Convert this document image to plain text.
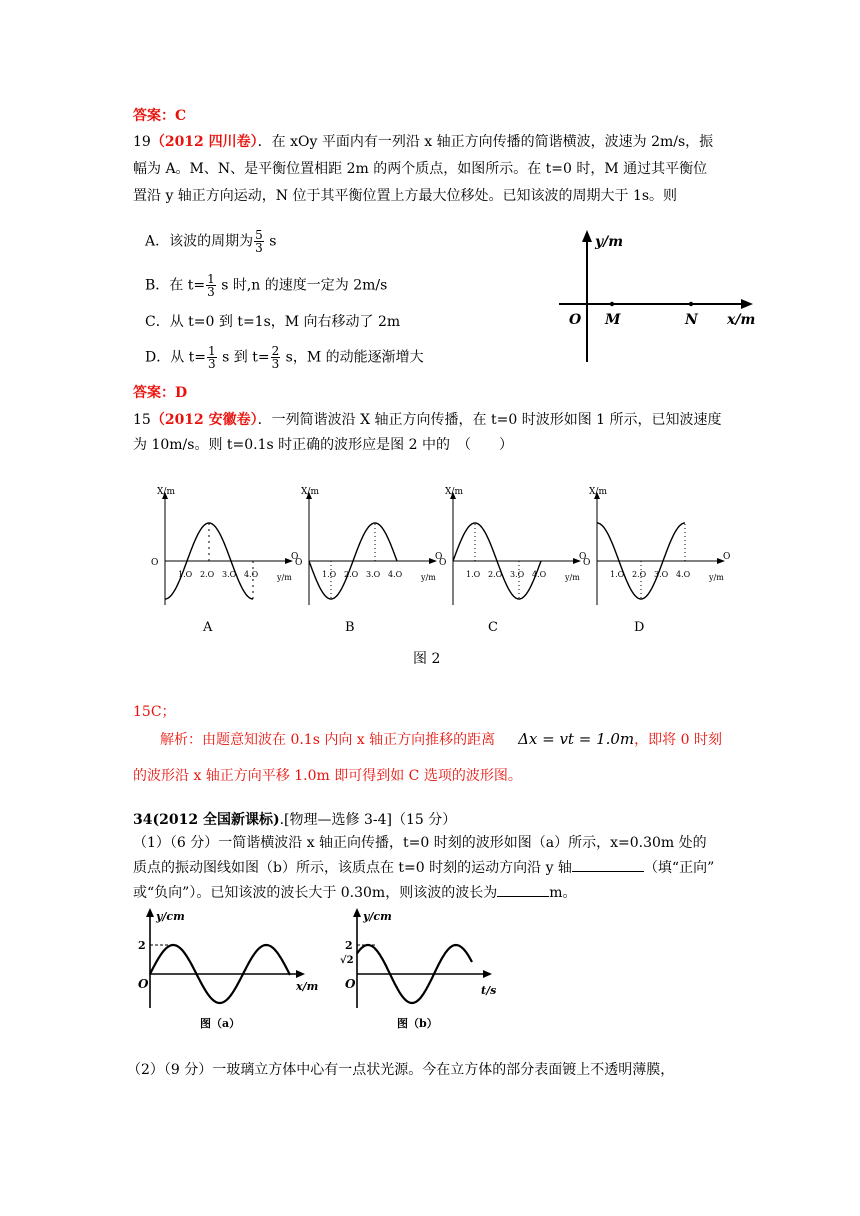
答案：C
19（2012 四川卷）．在 xOy 平面内有一列沿 x 轴正方向传播的简谐横波，波速为 2m/s，振
幅为 A。M、N、是平衡位置相距 2m 的两个质点，如图所示。在 t=0 时，M 通过其平衡位
置沿 y 轴正方向运动，N 位于其平衡位置上方最大位移处。已知该波的周期大于 1s。则
A．该波的周期为 $\frac{5}{3}$ s
B．在 $t= \frac{1}{3}$ s 时,n 的速度一定为 2m/s
C．从 t=0 到 t=1s，M 向右移动了 2m
D．从 $t= \frac{1}{3}$ s 到 $t= \frac{2}{3}$ s，M 的动能逐渐增大
y/m
O M	N x/m
答案：D
15（2012 安徽卷）．一列简谐波沿 X 轴正方向传播，在 t=0 时波形如图 1 所示，已知波速度
为 10m/s。则 t=0.1s 时正确的波形应是图 2 中的　（　　）
X/m
O
O
y/m
1.O 2.O 3.O 4.O
X/m
O
O
y/m
1.O 2.O 3.O 4.O
X/m
O
O
y/m
1.O 2.O 3.O 4.O
X/m
O
O
y/m
1.O 2.O 3.O 4.O
A	B	C	D
图 2
15C；
解析：由题意知波在 0.1s 内向 x 轴正方向推移的距离 Δx = vt = 1.0m，即将 0 时刻
的波形沿 x 轴正方向平移 1.0m 即可得到如 C 选项的波形图。
34(2012 全国新课标).[物理—选修 3-4]（15 分）
（1）（6 分）一简谐横波沿 x 轴正向传播，t=0 时刻的波形如图（a）所示，x=0.30m 处的
质点的振动图线如图（b）所示，该质点在 t=0 时刻的运动方向沿 y 轴	（填“正向”
或“负向”）。已知该波的波长大于 0.30m，则该波的波长为	m。
y/cm
2
O	x/m
图（a）
y/cm
2
√2
O	t/s
图（b）
（2）（9 分）一玻璃立方体中心有一点状光源。今在立方体的部分表面镀上不透明薄膜，
